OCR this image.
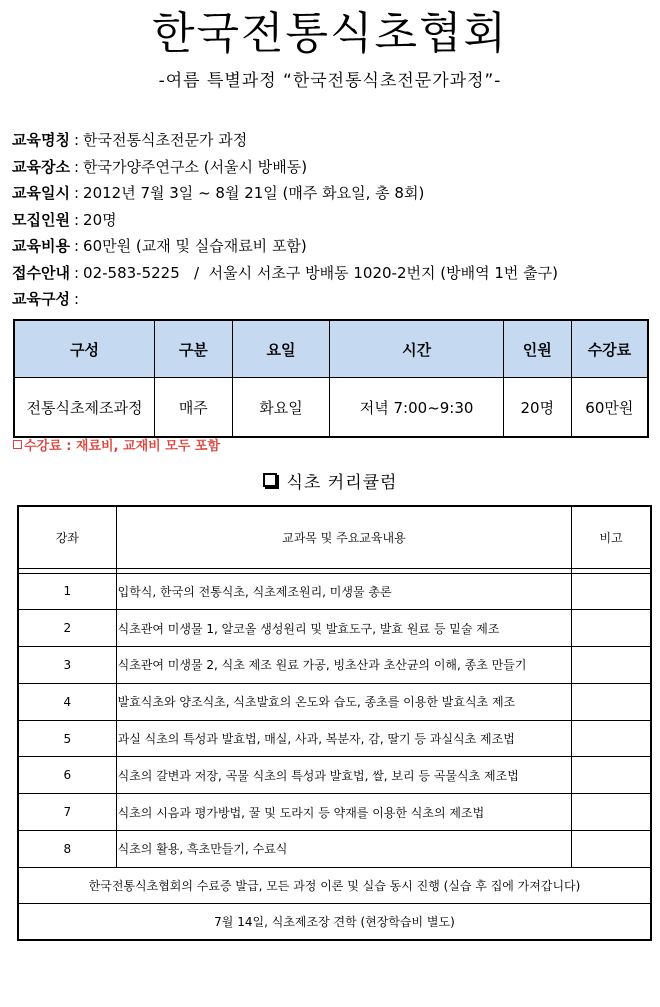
한국전통식초협회
-여름 특별과정 “한국전통식초전문가과정”-
교육명칭 : 한국전통식초전문가 과정
교육장소 : 한국가양주연구소 (서울시 방배동)
교육일시 : 2012년 7월 3일 ~ 8월 21일 (매주 화요일, 총 8회)
모집인원 : 20명
교육비용 : 60만원 (교재 및 실습재료비 포함)
접수안내 : 02-583-5225   /  서울시 서초구 방배동 1020-2번지 (방배역 1번 출구)
교육구성 :
구성	구분	요일	시간	인원	수강료
전통식초제조과정	매주	화요일	저녁 7:00~9:30	20명	60만원
수강료 : 재료비, 교재비 모두 포함
식초 커리큘럼
강좌	교과목 및 주요교육내용	비고

1	입학식, 한국의 전통식초, 식초제조원리, 미생물 총론	
2	식초관여 미생물 1, 알코올 생성원리 및 발효도구, 발효 원료 등 밑술 제조	
3	식초관여 미생물 2, 식초 제조 원료 가공, 빙초산과 초산균의 이해, 종초 만들기	
4	발효식초와 양조식초, 식초발효의 온도와 습도, 종초를 이용한 발효식초 제조	
5	과실 식초의 특성과 발효법, 매실, 사과, 복분자, 감, 딸기 등 과실식초 제조법	
6	식초의 갈변과 저장, 곡물 식초의 특성과 발효법, 쌀, 보리 등 곡물식초 제조법	
7	식초의 시음과 평가방법, 꿀 및 도라지 등 약재를 이용한 식초의 제조법	
8	식초의 활용, 흑초만들기, 수료식	
한국전통식초협회의 수료증 발급, 모든 과정 이론 및 실습 동시 진행 (실습 후 집에 가져갑니다)		
7월 14일, 식초제조장 견학 (현장학습비 별도)		
